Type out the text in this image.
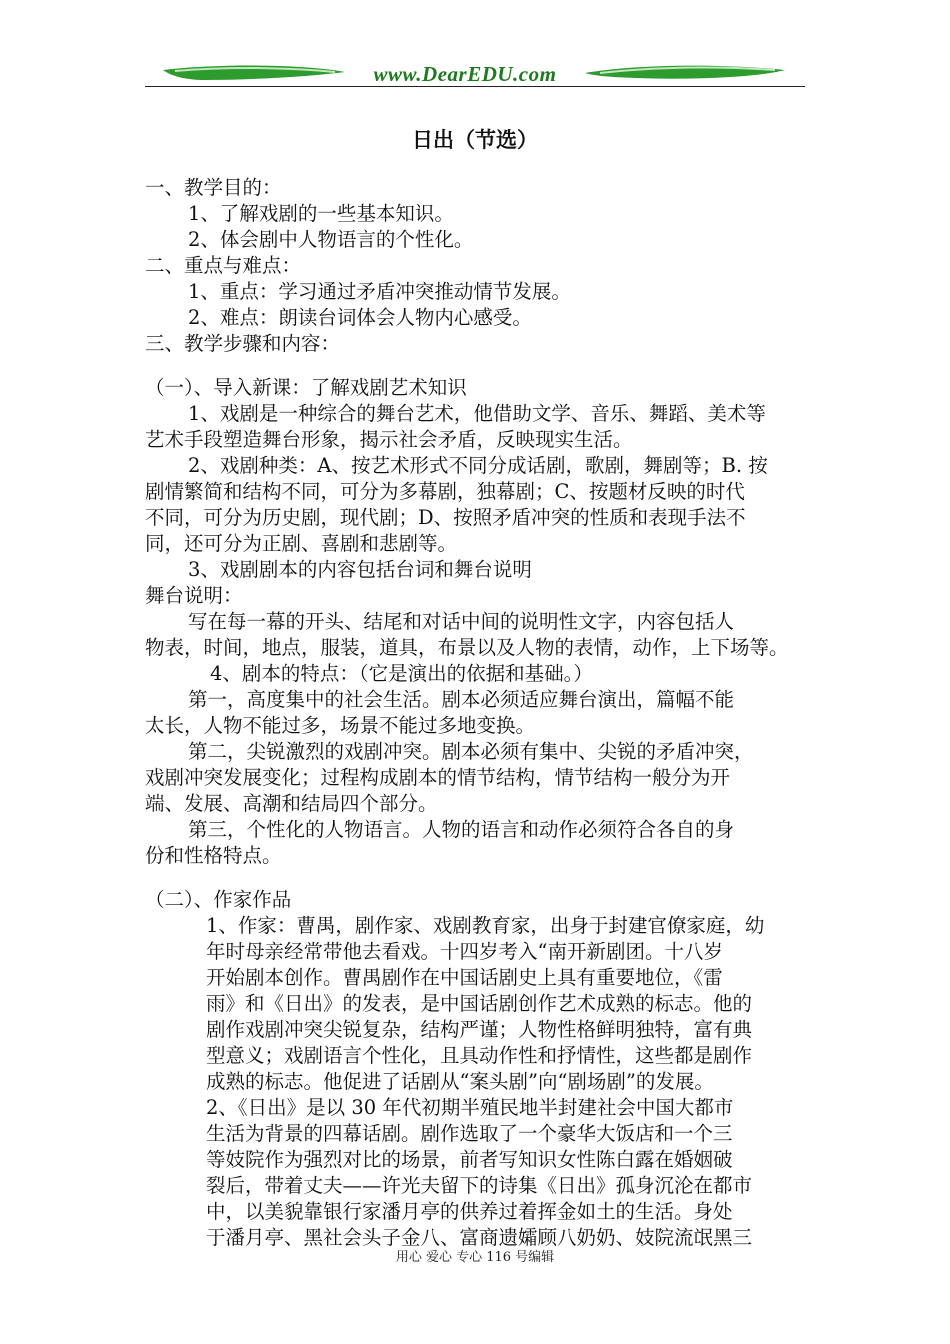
www.DearEDU.com
日出（节选）
一、教学目的：
1、了解戏剧的一些基本知识。
2、体会剧中人物语言的个性化。
二、重点与难点：
1、重点：学习通过矛盾冲突推动情节发展。
2、难点：朗读台词体会人物内心感受。
三、教学步骤和内容：
（一）、导入新课：了解戏剧艺术知识
1、戏剧是一种综合的舞台艺术，他借助文学、音乐、舞蹈、美术等
艺术手段塑造舞台形象，揭示社会矛盾，反映现实生活。
2、戏剧种类：A、按艺术形式不同分成话剧，歌剧，舞剧等；B. 按
剧情繁简和结构不同，可分为多幕剧，独幕剧；C、按题材反映的时代
不同，可分为历史剧，现代剧；D、按照矛盾冲突的性质和表现手法不
同，还可分为正剧、喜剧和悲剧等。
3、戏剧剧本的内容包括台词和舞台说明
舞台说明：
写在每一幕的开头、结尾和对话中间的说明性文字，内容包括人
物表，时间，地点，服装，道具，布景以及人物的表情，动作，上下场等。
4、剧本的特点：（它是演出的依据和基础。）
第一，高度集中的社会生活。剧本必须适应舞台演出，篇幅不能
太长，人物不能过多，场景不能过多地变换。
第二，尖锐激烈的戏剧冲突。剧本必须有集中、尖锐的矛盾冲突，
戏剧冲突发展变化；过程构成剧本的情节结构，情节结构一般分为开
端、发展、高潮和结局四个部分。
第三，个性化的人物语言。人物的语言和动作必须符合各自的身
份和性格特点。
（二）、作家作品
1、作家：曹禺，剧作家、戏剧教育家，出身于封建官僚家庭，幼
年时母亲经常带他去看戏。十四岁考入“南开新剧团。十八岁
开始剧本创作。曹禺剧作在中国话剧史上具有重要地位，《雷
雨》和《日出》的发表，是中国话剧创作艺术成熟的标志。他的
剧作戏剧冲突尖锐复杂，结构严谨；人物性格鲜明独特，富有典
型意义；戏剧语言个性化，且具动作性和抒情性，这些都是剧作
成熟的标志。他促进了话剧从“案头剧”向“剧场剧”的发展。
2、《日出》是以 30 年代初期半殖民地半封建社会中国大都市
生活为背景的四幕话剧。剧作选取了一个豪华大饭店和一个三
等妓院作为强烈对比的场景，前者写知识女性陈白露在婚姻破
裂后，带着丈夫——许光夫留下的诗集《日出》孤身沉沦在都市
中，以美貌靠银行家潘月亭的供养过着挥金如土的生活。身处
于潘月亭、黑社会头子金八、富商遗孀顾八奶奶、妓院流氓黑三
用心 爱心 专心 116 号编辑
